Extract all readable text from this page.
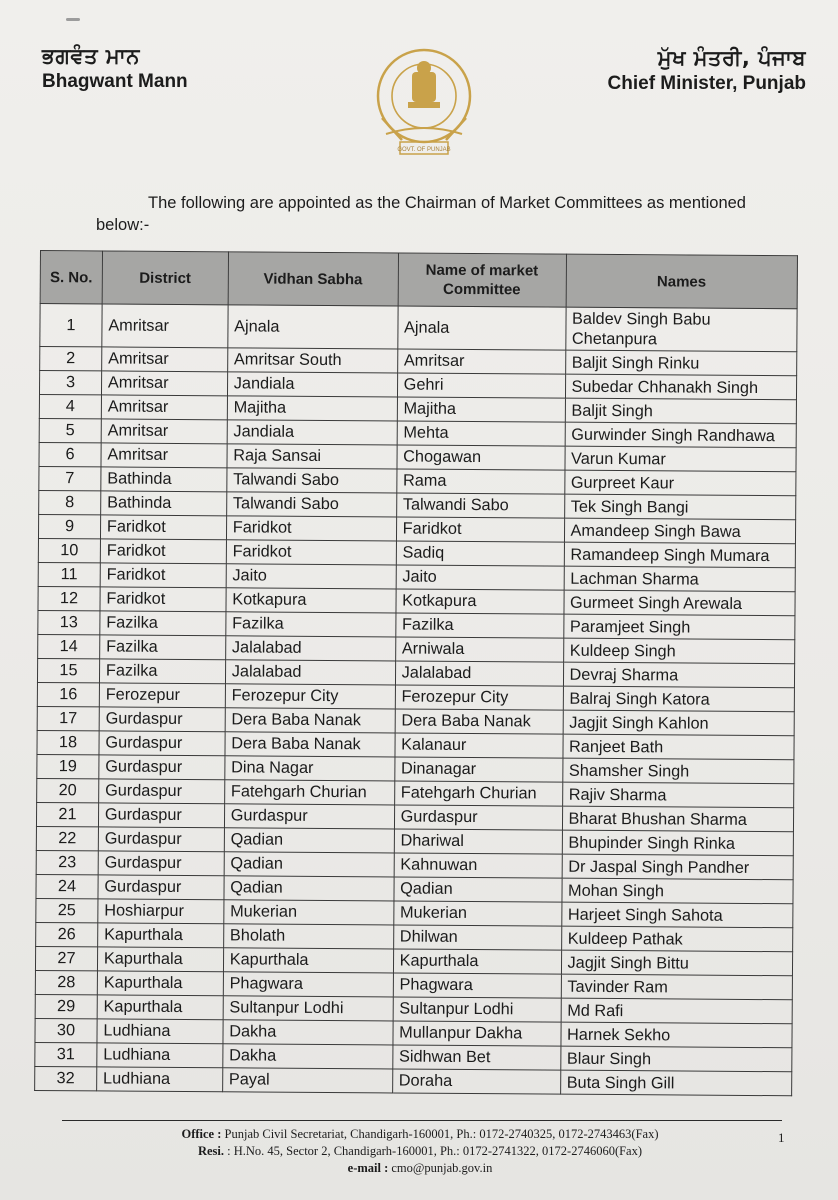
ਭਗਵੰਤ ਮਾਨ
Bhagwant Mann
GOVT. OF PUNJAB
ਮੁੱਖ ਮੰਤਰੀ, ਪੰਜਾਬ
Chief Minister, Punjab
The following are appointed as the Chairman of Market Committees as mentioned
below:-
S. No.	District	Vidhan Sabha	Name of market Committee	Names
1	Amritsar	Ajnala	Ajnala	Baldev Singh Babu Chetanpura
2	Amritsar	Amritsar South	Amritsar	Baljit Singh Rinku
3	Amritsar	Jandiala	Gehri	Subedar Chhanakh Singh
4	Amritsar	Majitha	Majitha	Baljit Singh
5	Amritsar	Jandiala	Mehta	Gurwinder Singh Randhawa
6	Amritsar	Raja Sansai	Chogawan	Varun Kumar
7	Bathinda	Talwandi Sabo	Rama	Gurpreet Kaur
8	Bathinda	Talwandi Sabo	Talwandi Sabo	Tek Singh Bangi
9	Faridkot	Faridkot	Faridkot	Amandeep Singh Bawa
10	Faridkot	Faridkot	Sadiq	Ramandeep Singh Mumara
11	Faridkot	Jaito	Jaito	Lachman Sharma
12	Faridkot	Kotkapura	Kotkapura	Gurmeet Singh Arewala
13	Fazilka	Fazilka	Fazilka	Paramjeet Singh
14	Fazilka	Jalalabad	Arniwala	Kuldeep Singh
15	Fazilka	Jalalabad	Jalalabad	Devraj Sharma
16	Ferozepur	Ferozepur City	Ferozepur City	Balraj Singh Katora
17	Gurdaspur	Dera Baba Nanak	Dera Baba Nanak	Jagjit Singh Kahlon
18	Gurdaspur	Dera Baba Nanak	Kalanaur	Ranjeet Bath
19	Gurdaspur	Dina Nagar	Dinanagar	Shamsher Singh
20	Gurdaspur	Fatehgarh Churian	Fatehgarh Churian	Rajiv Sharma
21	Gurdaspur	Gurdaspur	Gurdaspur	Bharat Bhushan Sharma
22	Gurdaspur	Qadian	Dhariwal	Bhupinder Singh Rinka
23	Gurdaspur	Qadian	Kahnuwan	Dr Jaspal Singh Pandher
24	Gurdaspur	Qadian	Qadian	Mohan Singh
25	Hoshiarpur	Mukerian	Mukerian	Harjeet Singh Sahota
26	Kapurthala	Bholath	Dhilwan	Kuldeep Pathak
27	Kapurthala	Kapurthala	Kapurthala	Jagjit Singh Bittu
28	Kapurthala	Phagwara	Phagwara	Tavinder Ram
29	Kapurthala	Sultanpur Lodhi	Sultanpur Lodhi	Md Rafi
30	Ludhiana	Dakha	Mullanpur Dakha	Harnek Sekho
31	Ludhiana	Dakha	Sidhwan Bet	Blaur Singh
32	Ludhiana	Payal	Doraha	Buta Singh Gill
Office : Punjab Civil Secretariat, Chandigarh-160001, Ph.: 0172-2740325, 0172-2743463(Fax)
Resi. : H.No. 45, Sector 2, Chandigarh-160001, Ph.: 0172-2741322, 0172-2746060(Fax)
e-mail : cmo@punjab.gov.in
1
